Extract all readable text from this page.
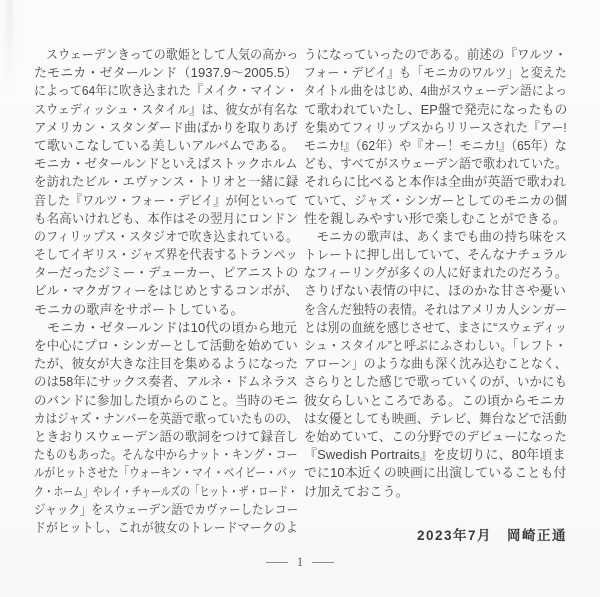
　スウェーデンきっての歌姫として人気の高かっ
たモニカ・ゼタールンド（1937.9～2005.5）
によって64年に吹き込まれた『メイク・マイン・
スウェディッシュ・スタイル』は、彼女が有名な
アメリカン・スタンダード曲ばかりを取りあげ
て歌いこなしている美しいアルバムである。
モニカ・ゼタールンドといえばストックホルム
を訪れたビル・エヴァンス・トリオと一緒に録
音した『ワルツ・フォー・デビイ』が何といって
も名高いけれども、本作はその翌月にロンドン
のフィリップス・スタジオで吹き込まれている。
そしてイギリス・ジャズ界を代表するトランペッ
ターだったジミー・デューカー、ピアニストの
ビル・マクガフィーをはじめとするコンボが、
モニカの歌声をサポートしている。
　モニカ・ゼタールンドは10代の頃から地元
を中心にプロ・シンガーとして活動を始めてい
たが、彼女が大きな注目を集めるようになった
のは58年にサックス奏者、アルネ・ドムネラス
のバンドに参加した頃からのこと。当時のモニ
カはジャズ・ナンバーを英語で歌っていたものの、
ときおりスウェーデン語の歌詞をつけて録音し
たものもあった。そんな中からナット・キング・コー
ルがヒットさせた「ウォーキン・マイ・ベイビー・バッ
ク・ホーム」やレイ・チャールズの「ヒット・ザ・ロード・
ジャック」をスウェーデン語でカヴァーしたレコー
ドがヒットし、これが彼女のトレードマークのよ
うになっていったのである。前述の『ワルツ・
フォー・デビイ』も「モニカのワルツ」と変えた
タイトル曲をはじめ、4曲がスウェーデン語によっ
て歌われていたし、EP盤で発売になったもの
を集めてフィリップスからリリースされた『アー!
モニカ!』（62年）や『オー！モニカ!』（65年）な
ども、すべてがスウェーデン語で歌われていた。
それらに比べると本作は全曲が英語で歌われ
ていて、ジャズ・シンガーとしてのモニカの個
性を親しみやすい形で楽しむことができる。
　モニカの歌声は、あくまでも曲の持ち味をス
トレートに押し出していて、そんなナチュラル
なフィーリングが多くの人に好まれたのだろう。
さりげない表情の中に、ほのかな甘さや憂い
を含んだ独特の表情。それはアメリカ人シンガー
とは別の血統を感じさせて、まさに“スウェディッ
シュ・スタイル”と呼ぶにふさわしい。「レフト・
アローン」のような曲も深く沈み込むことなく、
さらりとした感じで歌っていくのが、いかにも
彼女らしいところである。この頃からモニカ
は女優としても映画、テレビ、舞台などで活動
を始めていて、この分野でのデビューになった
『Swedish Portraits』を皮切りに、80年頃ま
でに10本近くの映画に出演していることも付
け加えておこう。
2023年7月　岡崎正通
1
